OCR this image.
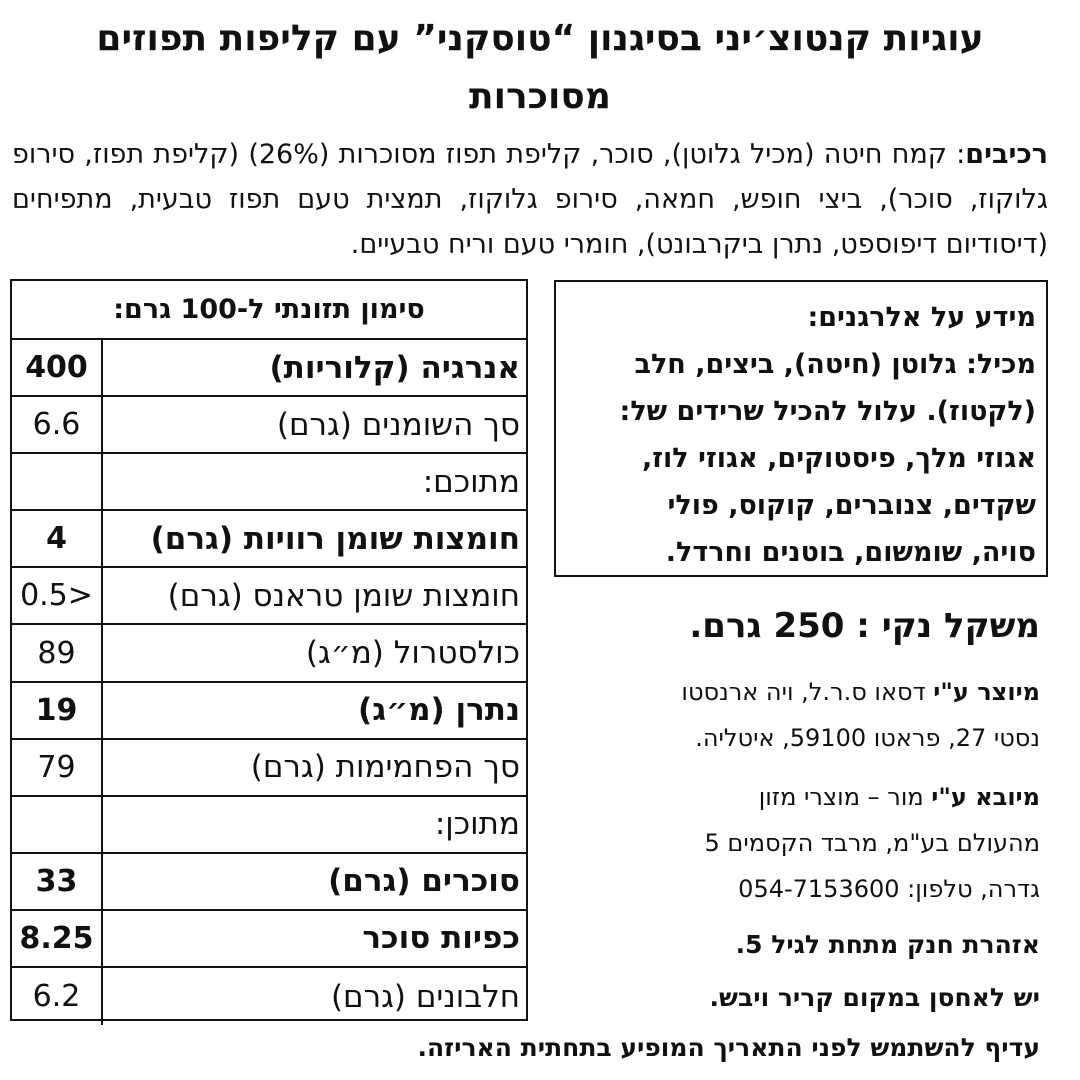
עוגיות קנטוצ׳יני בסיגנון “טוסקני” עם קליפות תפוזים
מסוכרות
רכיבים: קמח חיטה (מכיל גלוטן), סוכר, קליפת תפוז מסוכרות (26%) (קליפת תפוז, סירופ גלוקוז, סוכר), ביצי חופש, חמאה, סירופ גלוקוז, תמצית טעם תפוז טבעית, מתפיחים (דיסודיום דיפוספט, נתרן ביקרבונט), חומרי טעם וריח טבעיים.
סימון תזונתי ל-100 גרם:
אנרגיה (קלוריות)
400
סך השומנים (גרם)
6.6
מתוכם:
חומצות שומן רוויות (גרם)
4
חומצות שומן טראנס (גרם)
0.5>
כולסטרול (מ״ג)
89
נתרן (מ״ג)
19
סך הפחמימות (גרם)
79
מתוכן:
סוכרים (גרם)
33
כפיות סוכר
8.25
חלבונים (גרם)
6.2
מידע על אלרגנים:
מכיל: גלוטן (חיטה), ביצים, חלב
(לקטוז). עלול להכיל שרידים של:
אגוזי מלך, פיסטוקים, אגוזי לוז,
שקדים, צנוברים, קוקוס, פולי
סויה, שומשום, בוטנים וחרדל.
משקל נקי : 250 גרם.
מיוצר ע"י דסאו ס.ר.ל, ויה ארנסטו
נסטי 27, פראטו 59100, איטליה.
מיובא ע"י מור – מוצרי מזון
מהעולם בע"מ, מרבד הקסמים 5
גדרה, טלפון: 054-7153600
אזהרת חנק מתחת לגיל 5.
יש לאחסן במקום קריר ויבש.
עדיף להשתמש לפני התאריך המופיע בתחתית האריזה.
